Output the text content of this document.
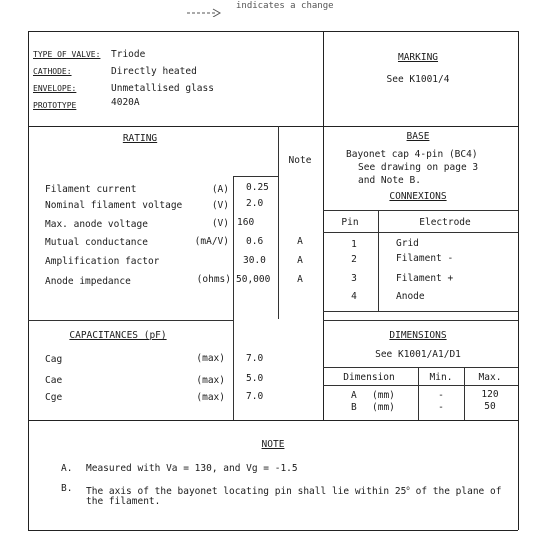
indicates a change
TYPE OF VALVE: Triode
CATHODE:	Directly heated
ENVELOPE:	Unmetallised glass
PROTOTYPE	4020A
MARKING
See K1001/4
RATING
Note
Filament current	(A) 0.25
Nominal filament voltage	(V) 2.0
Max. anode voltage	(V) 160
Mutual conductance	(mA/V) 0.6	A
Amplification factor	30.0	A
Anode impedance	(ohms) 50,000	A
BASE
Bayonet cap 4-pin (BC4)
See drawing on page 3
and Note B.
CONNEXIONS
Pin	Electrode
1	Grid
2	Filament -
3	Filament +
4	Anode
CAPACITANCES (pF)
Cag	(max) 7.0
Cae	(max) 5.0
Cge	(max) 7.0
DIMENSIONS
See K1001/A1/D1
Dimension	Min.	Max.
A (mm)	-	120
B (mm)	-	50
NOTE
A. Measured with Va = 130, and Vg = -1.5
B. The axis of the bayonet locating pin shall lie within 25$^o$ of the plane of
the filament.
